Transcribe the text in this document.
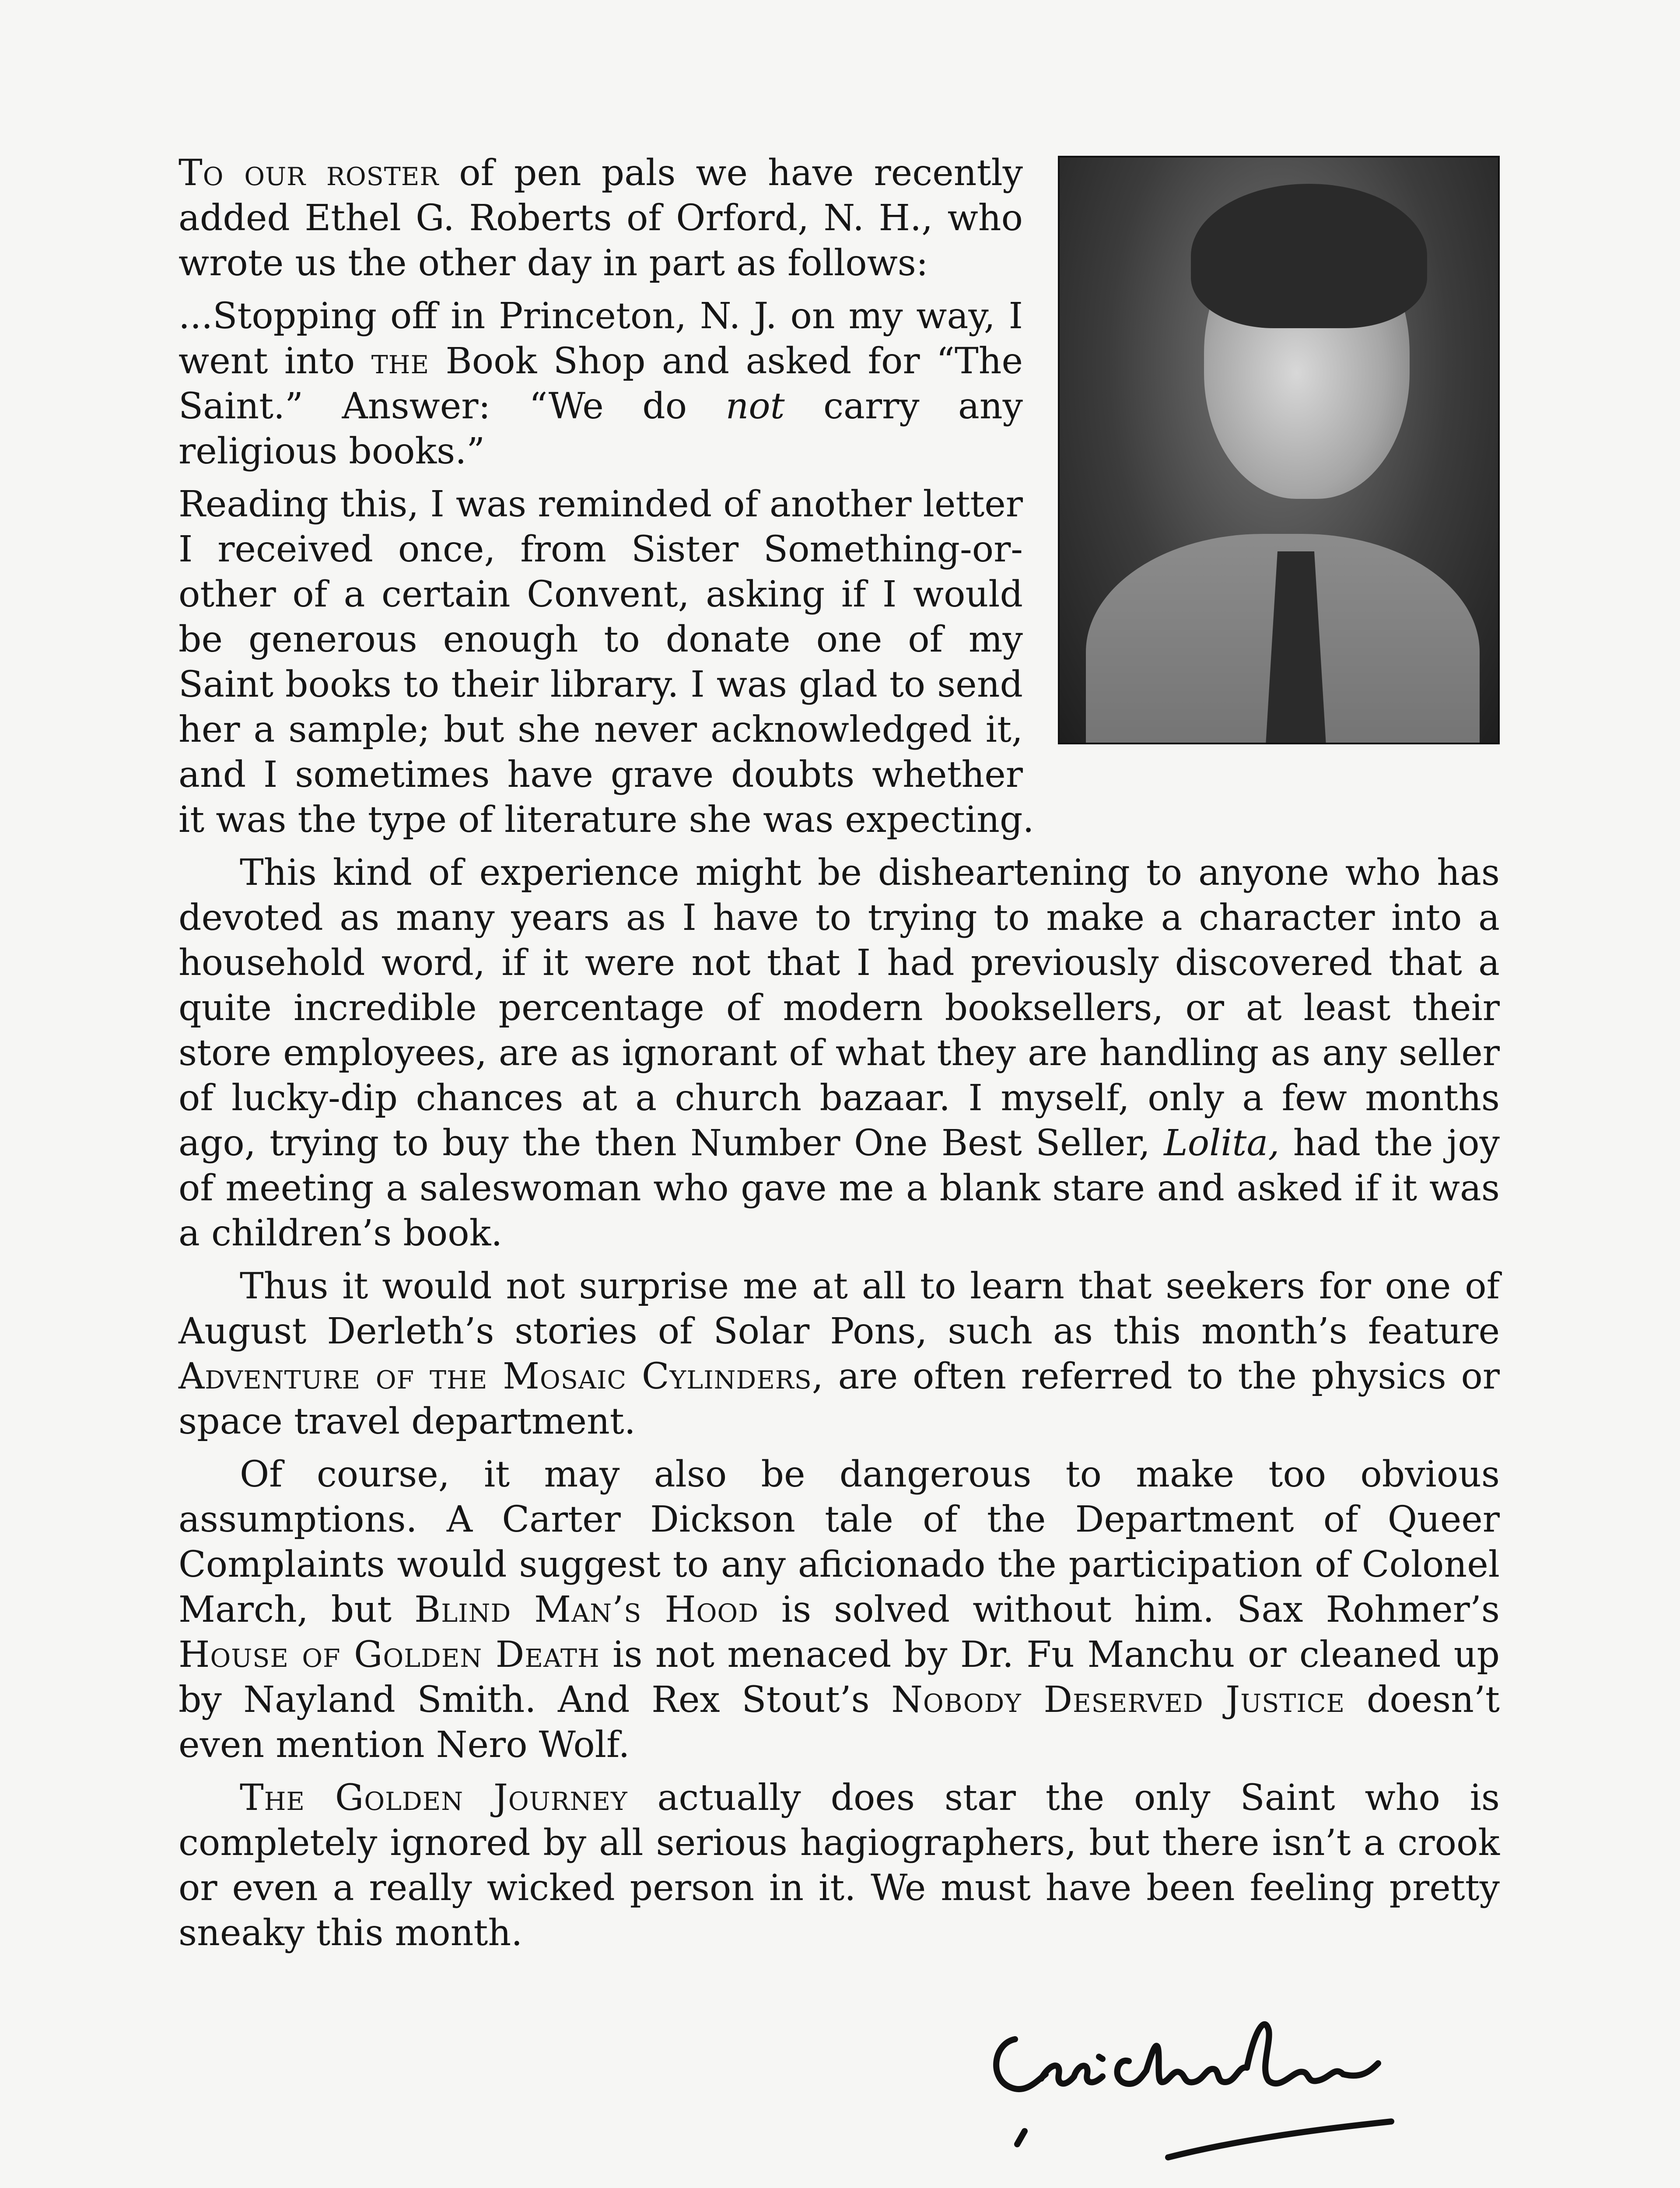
To our roster of pen pals we have recently added Ethel G. Roberts of Orford, N. H., who wrote us the other day in part as follows:

...Stopping off in Princeton, N. J. on my way, I went into the Book Shop and asked for “The Saint.” Answer: “We do not carry any religious books.”

Reading this, I was reminded of another letter I received once, from Sister Something-or-other of a certain Convent, asking if I would be generous enough to donate one of my Saint books to their library. I was glad to send her a sample; but she never acknowledged it, and I sometimes have grave doubts whether it was the type of literature she was expecting.

This kind of experience might be disheartening to anyone who has devoted as many years as I have to trying to make a character into a household word, if it were not that I had previously discovered that a quite incredible percentage of modern booksellers, or at least their store employees, are as ignorant of what they are handling as any seller of lucky-dip chances at a church bazaar. I myself, only a few months ago, trying to buy the then Number One Best Seller, Lolita, had the joy of meeting a saleswoman who gave me a blank stare and asked if it was a children’s book.

Thus it would not surprise me at all to learn that seekers for one of August Derleth’s stories of Solar Pons, such as this month’s feature Adventure of the Mosaic Cylinders, are often referred to the physics or space travel department.

Of course, it may also be dangerous to make too obvious assumptions. A Carter Dickson tale of the Department of Queer Complaints would suggest to any aficionado the participation of Colonel March, but Blind Man’s Hood is solved without him. Sax Rohmer’s House of Golden Death is not menaced by Dr. Fu Manchu or cleaned up by Nayland Smith. And Rex Stout’s Nobody Deserved Justice doesn’t even mention Nero Wolf.

The Golden Journey actually does star the only Saint who is completely ignored by all serious hagiographers, but there isn’t a crook or even a really wicked person in it. We must have been feeling pretty sneaky this month.
